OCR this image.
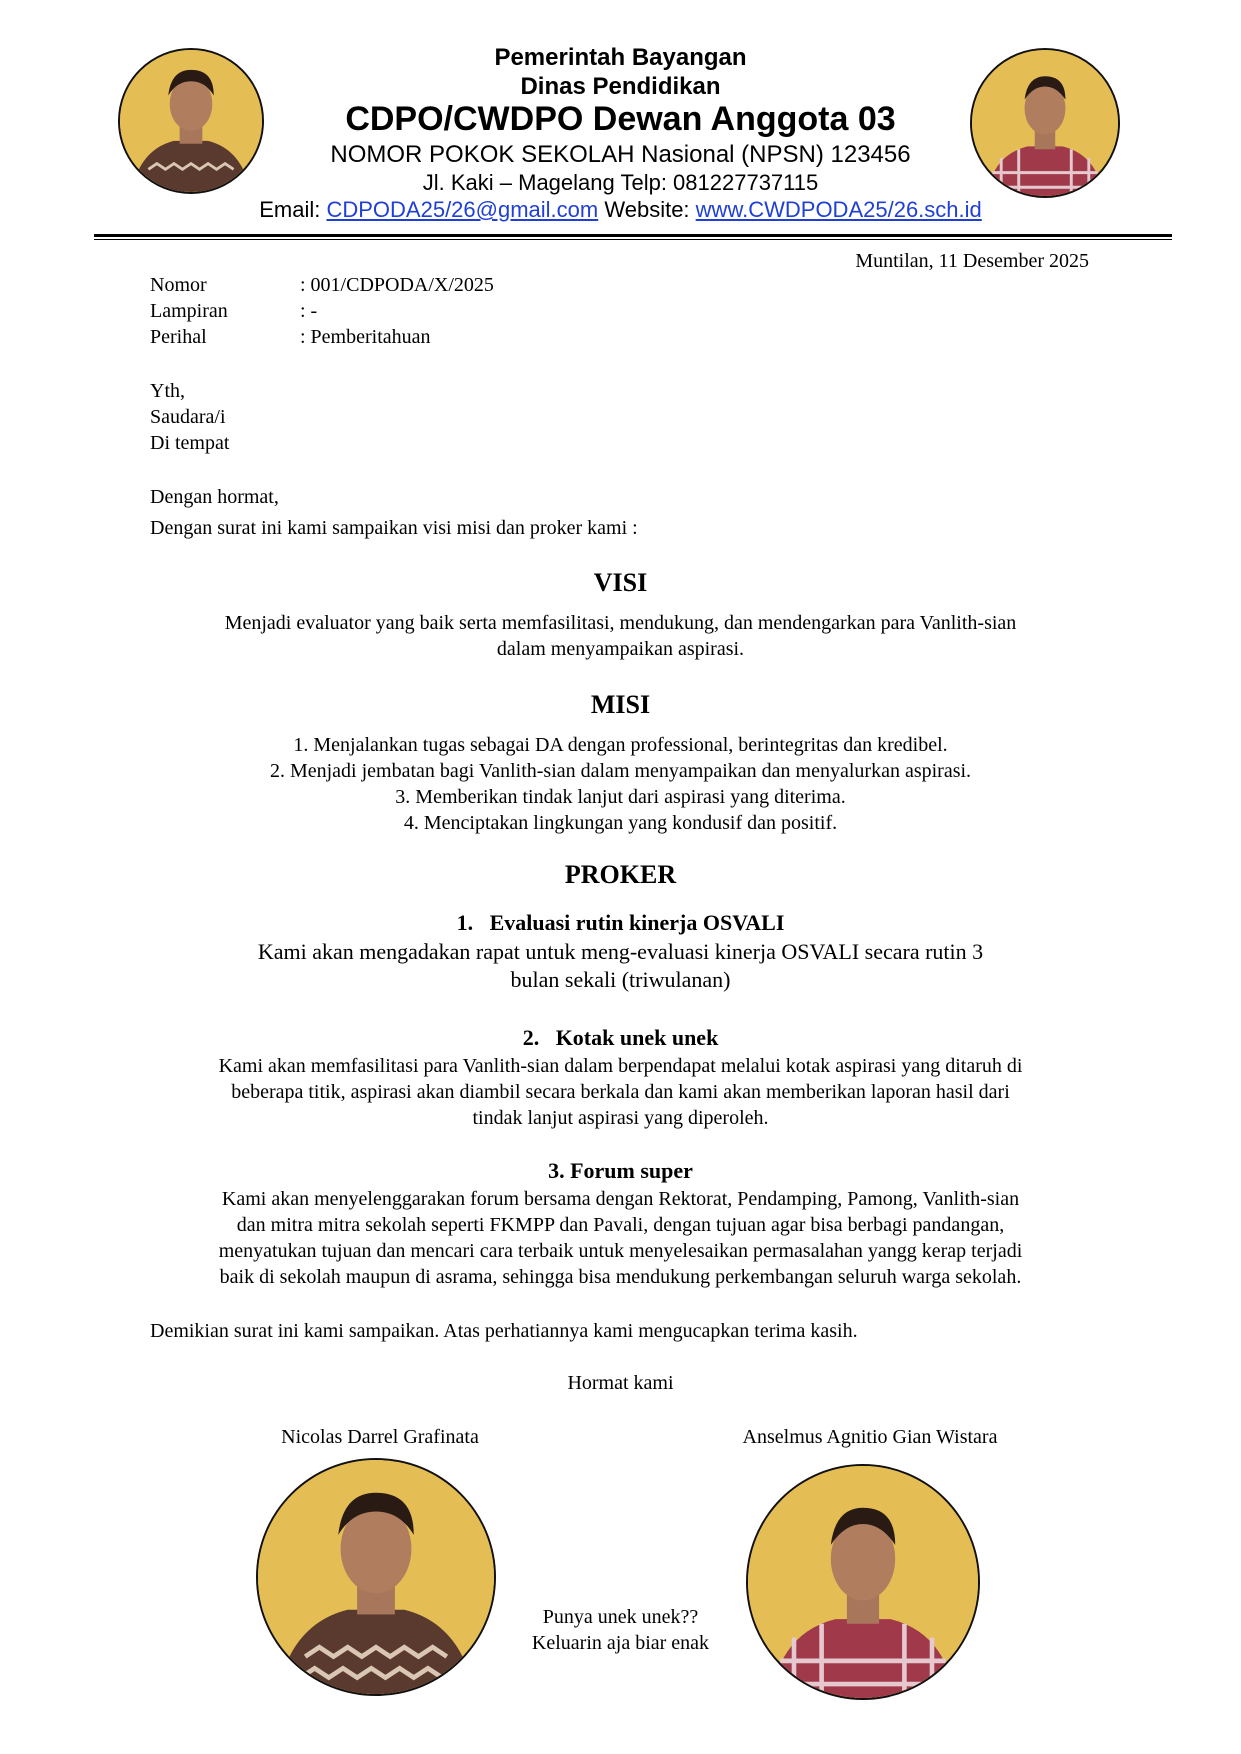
Pemerintah Bayangan
Dinas Pendidikan
CDPO/CWDPO Dewan Anggota 03
NOMOR POKOK SEKOLAH Nasional (NPSN) 123456
Jl. Kaki – Magelang Telp: 081227737115
Email: CDPODA25/26@gmail.com Website: www.CWDPODA25/26.sch.id
Muntilan, 11 Desember 2025
Nomor	: 001/CDPODA/X/2025
Lampiran	: -
Perihal	: Pemberitahuan
Yth,
Saudara/i
Di tempat
Dengan hormat,
Dengan surat ini kami sampaikan visi misi dan proker kami :
VISI
Menjadi evaluator yang baik serta memfasilitasi, mendukung, dan mendengarkan para Vanlith-sian
dalam menyampaikan aspirasi.
MISI
1. Menjalankan tugas sebagai DA dengan professional, berintegritas dan kredibel.
2. Menjadi jembatan bagi Vanlith-sian dalam menyampaikan dan menyalurkan aspirasi.
3. Memberikan tindak lanjut dari aspirasi yang diterima.
4. Menciptakan lingkungan yang kondusif dan positif.
PROKER
1.   Evaluasi rutin kinerja OSVALI
Kami akan mengadakan rapat untuk meng-evaluasi kinerja OSVALI secara rutin 3
bulan sekali (triwulanan)
2.   Kotak unek unek
Kami akan memfasilitasi para Vanlith-sian dalam berpendapat melalui kotak aspirasi yang ditaruh di
beberapa titik, aspirasi akan diambil secara berkala dan kami akan memberikan laporan hasil dari
tindak lanjut aspirasi yang diperoleh.
3. Forum super
Kami akan menyelenggarakan forum bersama dengan Rektorat, Pendamping, Pamong, Vanlith-sian
dan mitra mitra sekolah seperti FKMPP dan Pavali, dengan tujuan agar bisa berbagi pandangan,
menyatukan tujuan dan mencari cara terbaik untuk menyelesaikan permasalahan yangg kerap terjadi
baik di sekolah maupun di asrama, sehingga bisa mendukung perkembangan seluruh warga sekolah.
Demikian surat ini kami sampaikan. Atas perhatiannya kami mengucapkan terima kasih.
Hormat kami
Nicolas Darrel Grafinata	Anselmus Agnitio Gian Wistara
Punya unek unek??
Keluarin aja biar enak
